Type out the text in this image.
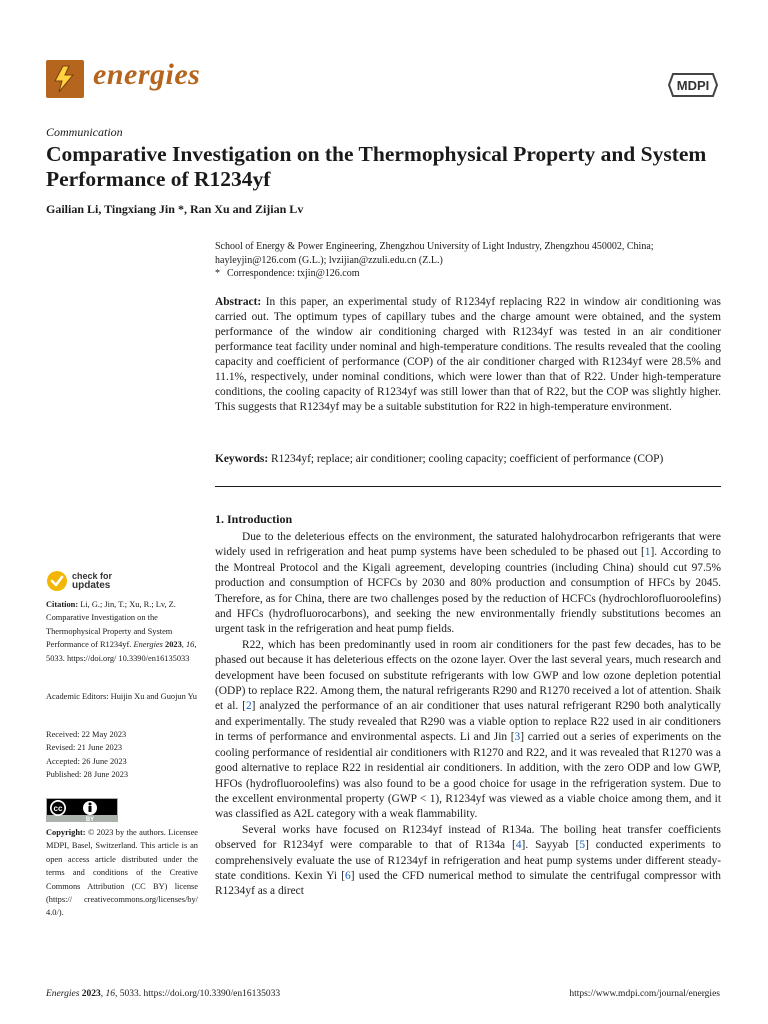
energies	MDPI
Communication
Comparative Investigation on the Thermophysical Property and System Performance of R1234yf
Gailian Li, Tingxiang Jin *, Ran Xu and Zijian Lv
School of Energy & Power Engineering, Zhengzhou University of Light Industry, Zhengzhou 450002, China;
hayleyjin@126.com (G.L.); lvzijian@zzuli.edu.cn (Z.L.)
* Correspondence: txjin@126.com
Abstract: In this paper, an experimental study of R1234yf replacing R22 in window air conditioning was carried out. The optimum types of capillary tubes and the charge amount were obtained, and the system performance of the window air conditioning charged with R1234yf was tested in an air conditioner performance teat facility under nominal and high-temperature conditions. The results revealed that the cooling capacity and coefficient of performance (COP) of the air conditioner charged with R1234yf were 28.5% and 11.1%, respectively, under nominal conditions, which were lower than that of R22. Under high-temperature conditions, the cooling capacity of R1234yf was still lower than that of R22, but the COP was slightly higher. This suggests that R1234yf may be a suitable substitution for R22 in high-temperature environment.
Keywords: R1234yf; replace; air conditioner; cooling capacity; coefficient of performance (COP)
1. Introduction

Due to the deleterious effects on the environment, the saturated halohydrocarbon refrigerants that were widely used in refrigeration and heat pump systems have been scheduled to be phased out [1]. According to the Montreal Protocol and the Kigali agreement, developing countries (including China) should cut 97.5% production and consumption of HCFCs by 2030 and 80% production and consumption of HFCs by 2045. Therefore, as for China, there are two challenges posed by the reduction of HCFCs (hydrochlorofluoroolefins) and HFCs (hydrofluorocarbons), and seeking the new environmentally friendly substitutions becomes an urgent task in the refrigeration and heat pump fields.

R22, which has been predominantly used in room air conditioners for the past few decades, has to be phased out because it has deleterious effects on the ozone layer. Over the last several years, much research and development have been focused on substitute refrigerants with low GWP and low ozone depletion potential (ODP) to replace R22. Among them, the natural refrigerants R290 and R1270 received a lot of attention. Shaik et al. [2] analyzed the performance of an air conditioner that uses natural refrigerant R290 both analytically and experimentally. The study revealed that R290 was a viable option to replace R22 used in air conditioners in terms of performance and environmental aspects. Li and Jin [3] carried out a series of experiments on the cooling performance of residential air conditioners with R1270 and R22, and it was revealed that R1270 was a good alternative to replace R22 in residential air conditioners. In addition, with the zero ODP and low GWP, HFOs (hydrofluoroolefins) was also found to be a good choice for usage in the refrigeration system. Due to the excellent environmental property (GWP < 1), R1234yf was viewed as a viable choice among them, and it was classified as A2L category with a weak flammability.

Several works have focused on R1234yf instead of R134a. The boiling heat transfer coefficients observed for R1234yf were comparable to that of R134a [4]. Sayyab [5] conducted experiments to comprehensively evaluate the use of R1234yf in refrigeration and heat pump systems under different steady-state conditions. Kexin Yi [6] used the CFD numerical method to simulate the centrifugal compressor with R1234yf as a direct

check for
updates
Citation: Li, G.; Jin, T.; Xu, R.; Lv, Z. Comparative Investigation on the Thermophysical Property and System Performance of R1234yf. Energies 2023, 16, 5033. https://doi.org/ 10.3390/en16135033
Academic Editors: Huijin Xu and Guojun Yu
Received: 22 May 2023
Revised: 21 June 2023
Accepted: 26 June 2023
Published: 28 June 2023
cc
BY
Copyright: © 2023 by the authors. Licensee MDPI, Basel, Switzerland. This article is an open access article distributed under the terms and conditions of the Creative Commons Attribution (CC BY) license (https:// creativecommons.org/licenses/by/ 4.0/).
Energies 2023, 16, 5033. https://doi.org/10.3390/en16135033	https://www.mdpi.com/journal/energies
